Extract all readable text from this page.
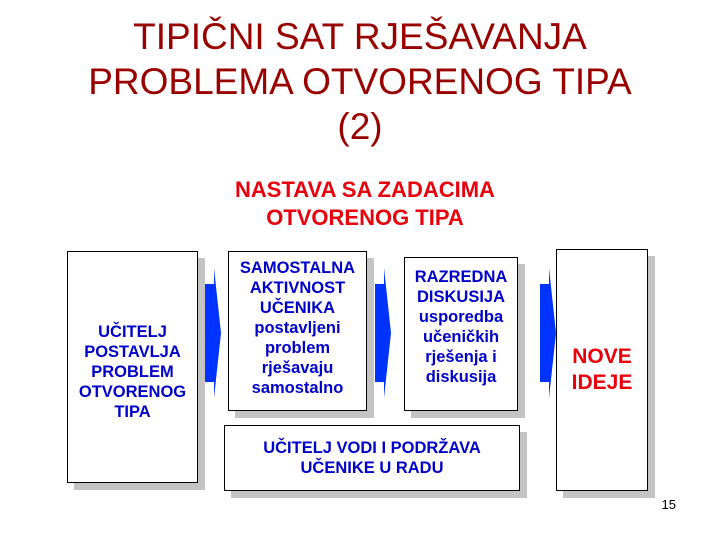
TIPIČNI SAT RJEŠAVANJA
PROBLEMA OTVORENOG TIPA
(2)
NASTAVA SA ZADACIMA
OTVORENOG TIPA
UČITELJ
POSTAVLJA
PROBLEM
OTVORENOG
TIPA
SAMOSTALNA
AKTIVNOST
UČENIKA
postavljeni
problem
rješavaju
samostalno
RAZREDNA
DISKUSIJA
usporedba
učeničkih
rješenja i
diskusija
NOVE
IDEJE
UČITELJ VODI I PODRŽAVA
UČENIKE U RADU
15
